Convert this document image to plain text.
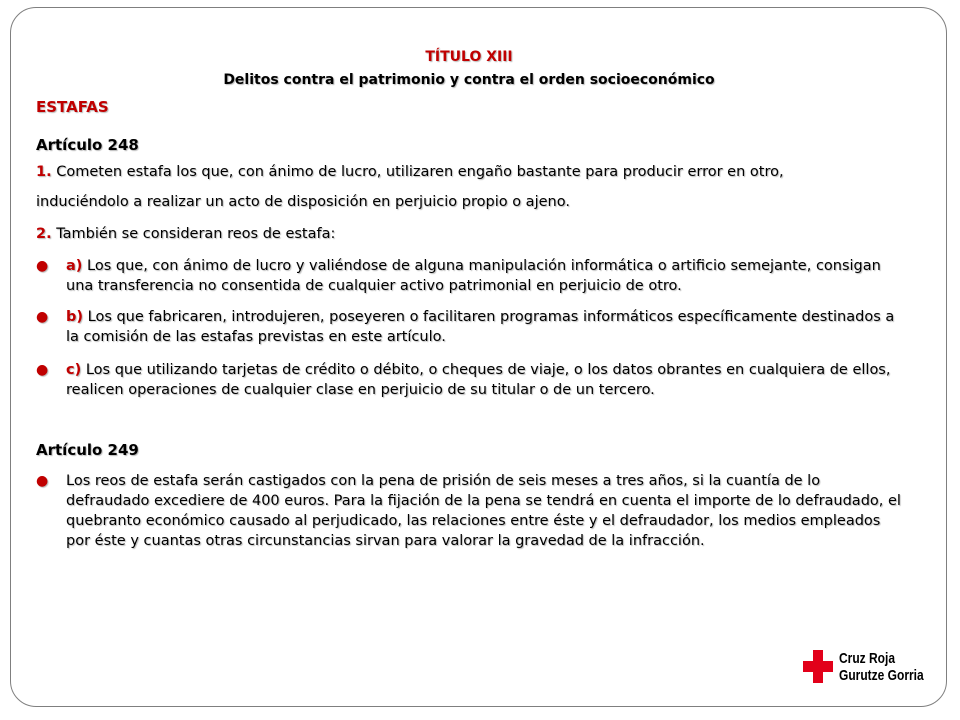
TÍTULO XIII
Delitos contra el patrimonio y contra el orden socioeconómico
ESTAFAS
Artículo 248
1. Cometen estafa los que, con ánimo de lucro, utilizaren engaño bastante para producir error en otro,
induciéndolo a realizar un acto de disposición en perjuicio propio o ajeno.
2. También se consideran reos de estafa:
● a) Los que, con ánimo de lucro y valiéndose de alguna manipulación informática o artificio semejante, consigan una transferencia no consentida de cualquier activo patrimonial en perjuicio de otro.
● b) Los que fabricaren, introdujeren, poseyeren o facilitaren programas informáticos específicamente destinados a la comisión de las estafas previstas en este artículo.
● c) Los que utilizando tarjetas de crédito o débito, o cheques de viaje, o los datos obrantes en cualquiera de ellos, realicen operaciones de cualquier clase en perjuicio de su titular o de un tercero.
Artículo 249
● Los reos de estafa serán castigados con la pena de prisión de seis meses a tres años, si la cuantía de lo defraudado excediere de 400 euros. Para la fijación de la pena se tendrá en cuenta el importe de lo defraudado, el quebranto económico causado al perjudicado, las relaciones entre éste y el defraudador, los medios empleados por éste y cuantas otras circunstancias sirvan para valorar la gravedad de la infracción.
Cruz Roja
Gurutze Gorria
